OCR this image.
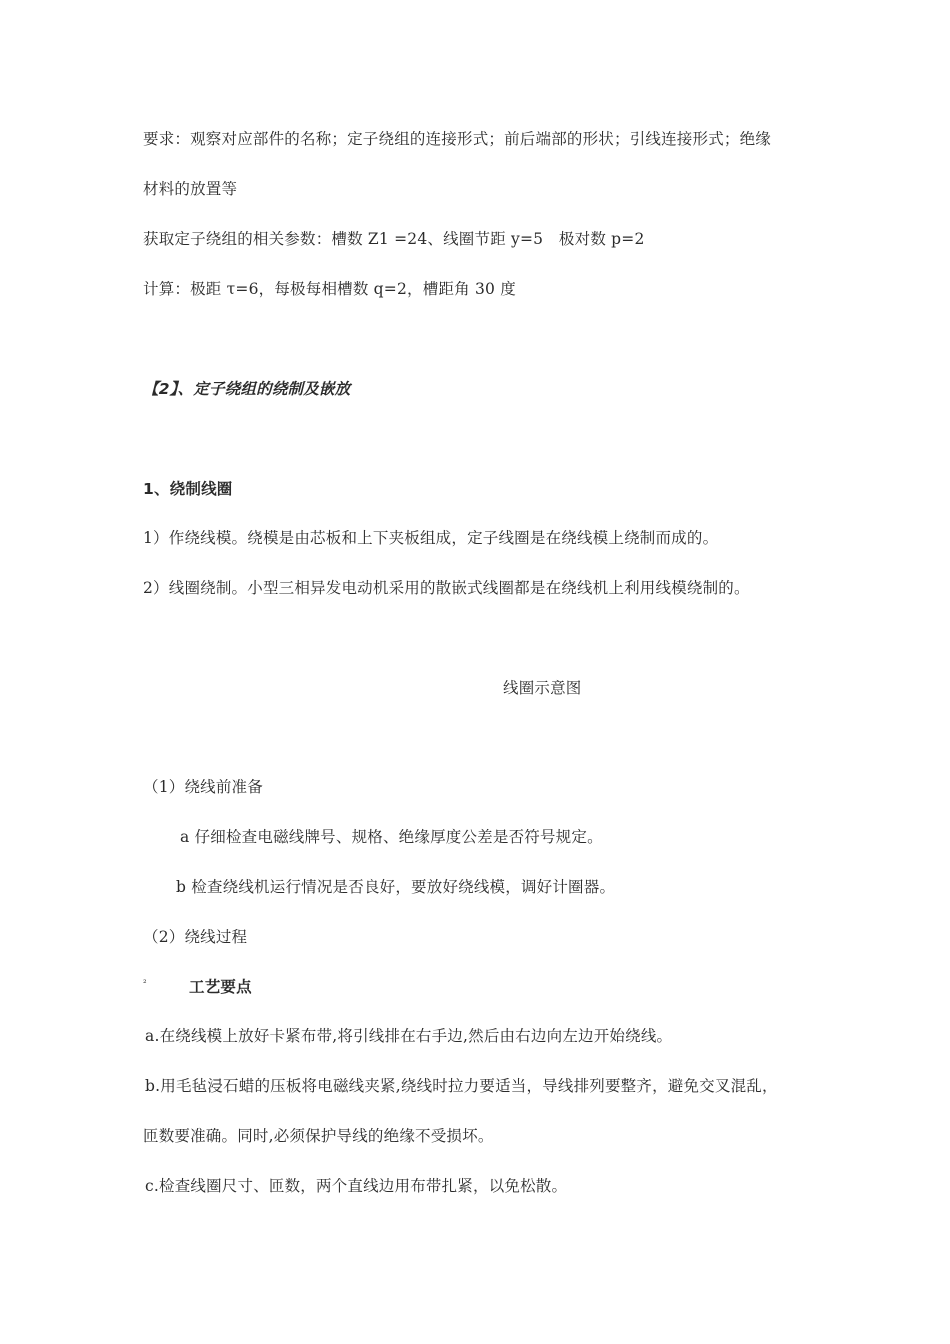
要求：观察对应部件的名称；定子绕组的连接形式；前后端部的形状；引线连接形式；绝缘
材料的放置等
获取定子绕组的相关参数：槽数 Z1 =24、线圈节距 y=5　极对数 p=2
计算：极距 τ=6，每极每相槽数 q=2，槽距角 30 度
【2】、定子绕组的绕制及嵌放
1、绕制线圈
1）作绕线模。绕模是由芯板和上下夹板组成，定子线圈是在绕线模上绕制而成的。
2）线圈绕制。小型三相异发电动机采用的散嵌式线圈都是在绕线机上利用线模绕制的。
线圈示意图
（1）绕线前准备
a 仔细检查电磁线牌号、规格、绝缘厚度公差是否符号规定。
b 检查绕线机运行情况是否良好，要放好绕线模，调好计圈器。
（2）绕线过程
²	工艺要点
a.在绕线模上放好卡紧布带,将引线排在右手边,然后由右边向左边开始绕线。
b.用毛毡浸石蜡的压板将电磁线夹紧,绕线时拉力要适当，导线排列要整齐，避免交叉混乱，
匝数要准确。同时,必须保护导线的绝缘不受损坏。
c.检查线圈尺寸、匝数，两个直线边用布带扎紧，以免松散。
